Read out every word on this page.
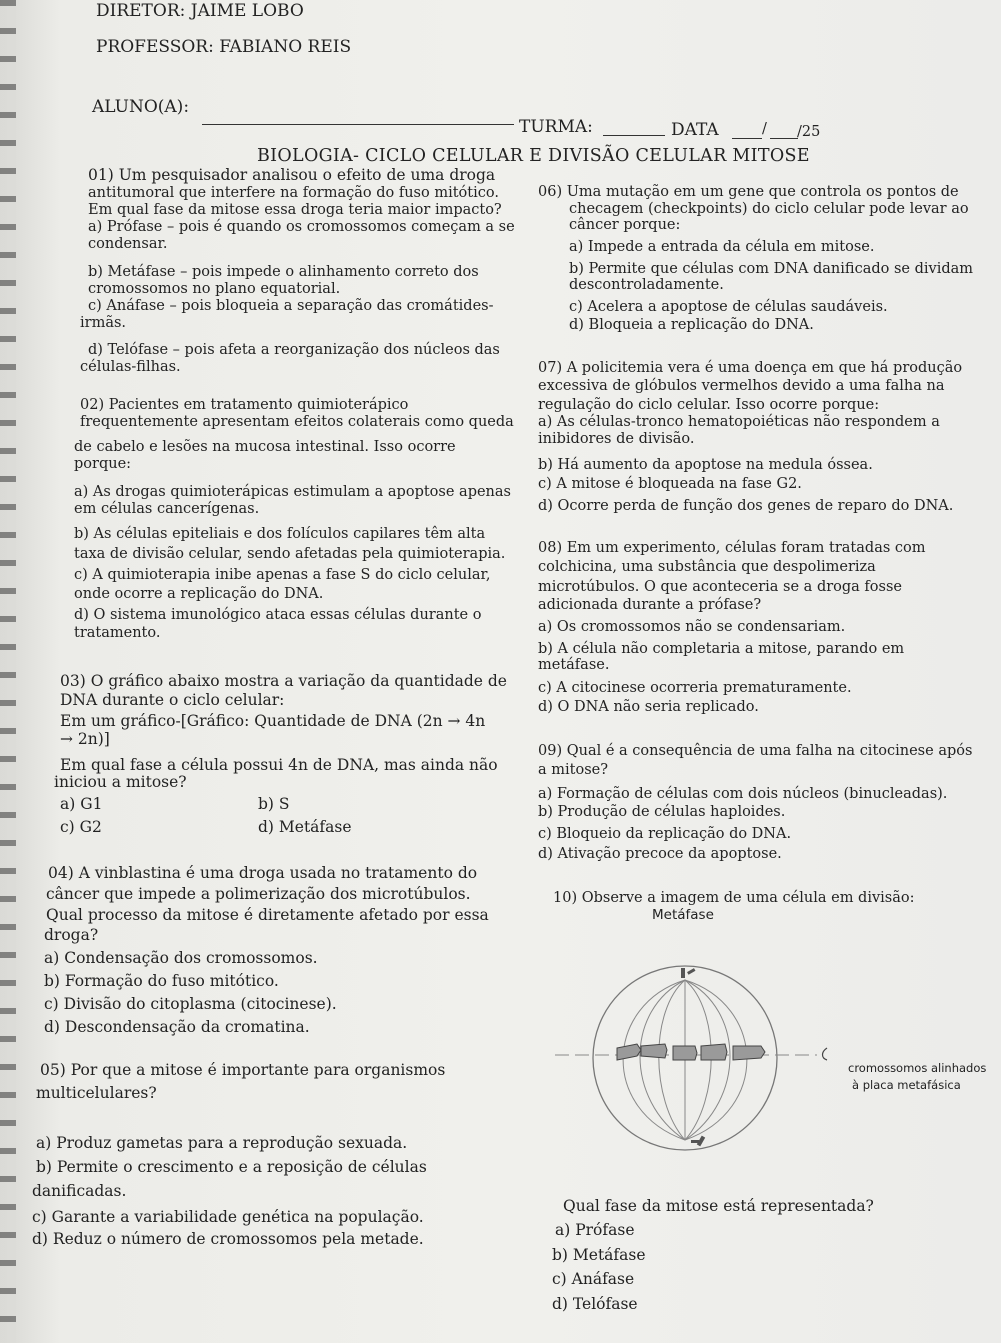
DIRETOR: JAIME LOBO
PROFESSOR: FABIANO REIS
ALUNO(A):
TURMA:	DATA	/ /25
BIOLOGIA- CICLO CELULAR E DIVISÃO CELULAR MITOSE
01) Um pesquisador analisou o efeito de uma droga
antitumoral que interfere na formação do fuso mitótico.
Em qual fase da mitose essa droga teria maior impacto?
a) Prófase – pois é quando os cromossomos começam a se
condensar.
b) Metáfase – pois impede o alinhamento correto dos
cromossomos no plano equatorial.
c) Anáfase – pois bloqueia a separação das cromátides-
irmãs.
d) Telófase – pois afeta a reorganização dos núcleos das
células-filhas.
02) Pacientes em tratamento quimioterápico
frequentemente apresentam efeitos colaterais como queda
de cabelo e lesões na mucosa intestinal. Isso ocorre
porque:
a) As drogas quimioterápicas estimulam a apoptose apenas
em células cancerígenas.
b) As células epiteliais e dos folículos capilares têm alta
taxa de divisão celular, sendo afetadas pela quimioterapia.
c) A quimioterapia inibe apenas a fase S do ciclo celular,
onde ocorre a replicação do DNA.
d) O sistema imunológico ataca essas células durante o
tratamento.
03) O gráfico abaixo mostra a variação da quantidade de
DNA durante o ciclo celular:
Em um gráfico-[Gráfico: Quantidade de DNA (2n → 4n
→ 2n)]
Em qual fase a célula possui 4n de DNA, mas ainda não
iniciou a mitose?
a) G1	b) S
c) G2	d) Metáfase
04) A vinblastina é uma droga usada no tratamento do
câncer que impede a polimerização dos microtúbulos.
Qual processo da mitose é diretamente afetado por essa
droga?
a) Condensação dos cromossomos.
b) Formação do fuso mitótico.
c) Divisão do citoplasma (citocinese).
d) Descondensação da cromatina.
05) Por que a mitose é importante para organismos
multicelulares?
a) Produz gametas para a reprodução sexuada.
b) Permite o crescimento e a reposição de células
danificadas.
c) Garante a variabilidade genética na população.
d) Reduz o número de cromossomos pela metade.
06) Uma mutação em um gene que controla os pontos de
checagem (checkpoints) do ciclo celular pode levar ao
câncer porque:
a) Impede a entrada da célula em mitose.
b) Permite que células com DNA danificado se dividam
descontroladamente.
c) Acelera a apoptose de células saudáveis.
d) Bloqueia a replicação do DNA.
07) A policitemia vera é uma doença em que há produção
excessiva de glóbulos vermelhos devido a uma falha na
regulação do ciclo celular. Isso ocorre porque:
a) As células-tronco hematopoiéticas não respondem a
inibidores de divisão.
b) Há aumento da apoptose na medula óssea.
c) A mitose é bloqueada na fase G2.
d) Ocorre perda de função dos genes de reparo do DNA.
08) Em um experimento, células foram tratadas com
colchicina, uma substância que despolimeriza
microtúbulos. O que aconteceria se a droga fosse
adicionada durante a prófase?
a) Os cromossomos não se condensariam.
b) A célula não completaria a mitose, parando em
metáfase.
c) A citocinese ocorreria prematuramente.
d) O DNA não seria replicado.
09) Qual é a consequência de uma falha na citocinese após
a mitose?
a) Formação de células com dois núcleos (binucleadas).
b) Produção de células haploides.
c) Bloqueio da replicação do DNA.
d) Ativação precoce da apoptose.
10) Observe a imagem de uma célula em divisão:
Metáfase
cromossomos alinhados
à placa metafásica
Qual fase da mitose está representada?
a) Prófase
b) Metáfase
c) Anáfase
d) Telófase
